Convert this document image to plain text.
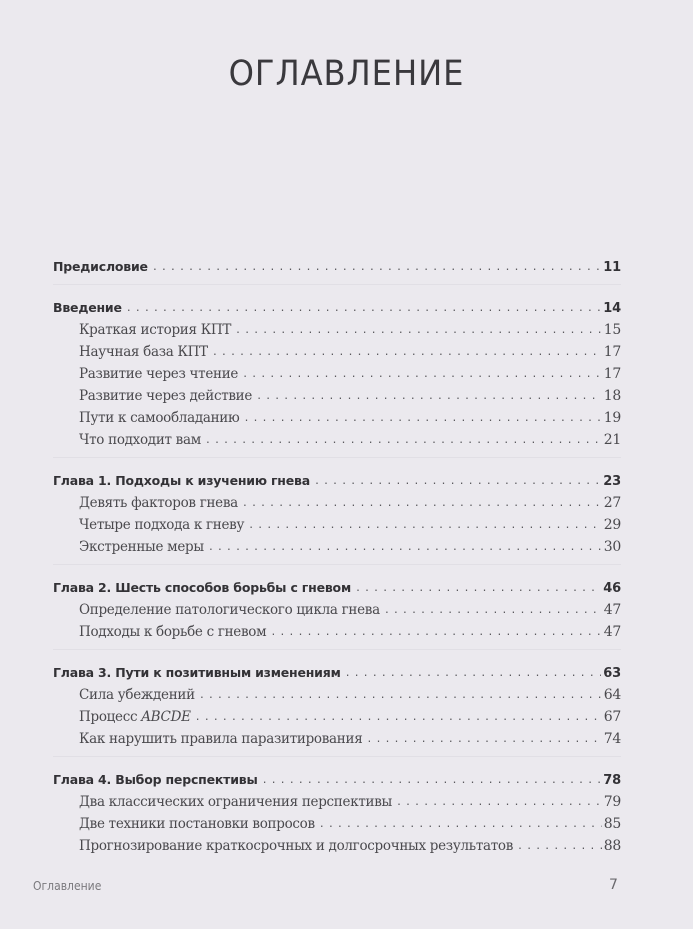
ОГЛАВЛЕНИЕ
Предисловие . . .	11
Введение . . .	14
Краткая история КПТ . . .	15
Научная база КПТ . . .	17
Развитие через чтение . . .	17
Развитие через действие . . .	18
Пути к самообладанию . . .	19
Что подходит вам . . .	21
Глава 1. Подходы к изучению гнева . . .	23
Девять факторов гнева . . .	27
Четыре подхода к гневу . . .	29
Экстренные меры . . .	30
Глава 2. Шесть способов борьбы с гневом . . .	46
Определение патологического цикла гнева . . .	47
Подходы к борьбе с гневом . . .	47
Глава 3. Пути к позитивным изменениям . . .	63
Сила убеждений . . .	64
Процесс ABCDE . . .	67
Как нарушить правила паразитирования . . .	74
Глава 4. Выбор перспективы . . .	78
Два классических ограничения перспективы . . .	79
Две техники постановки вопросов . . .	85
Прогнозирование краткосрочных и долгосрочных результатов . . .	88
Оглавление	7
